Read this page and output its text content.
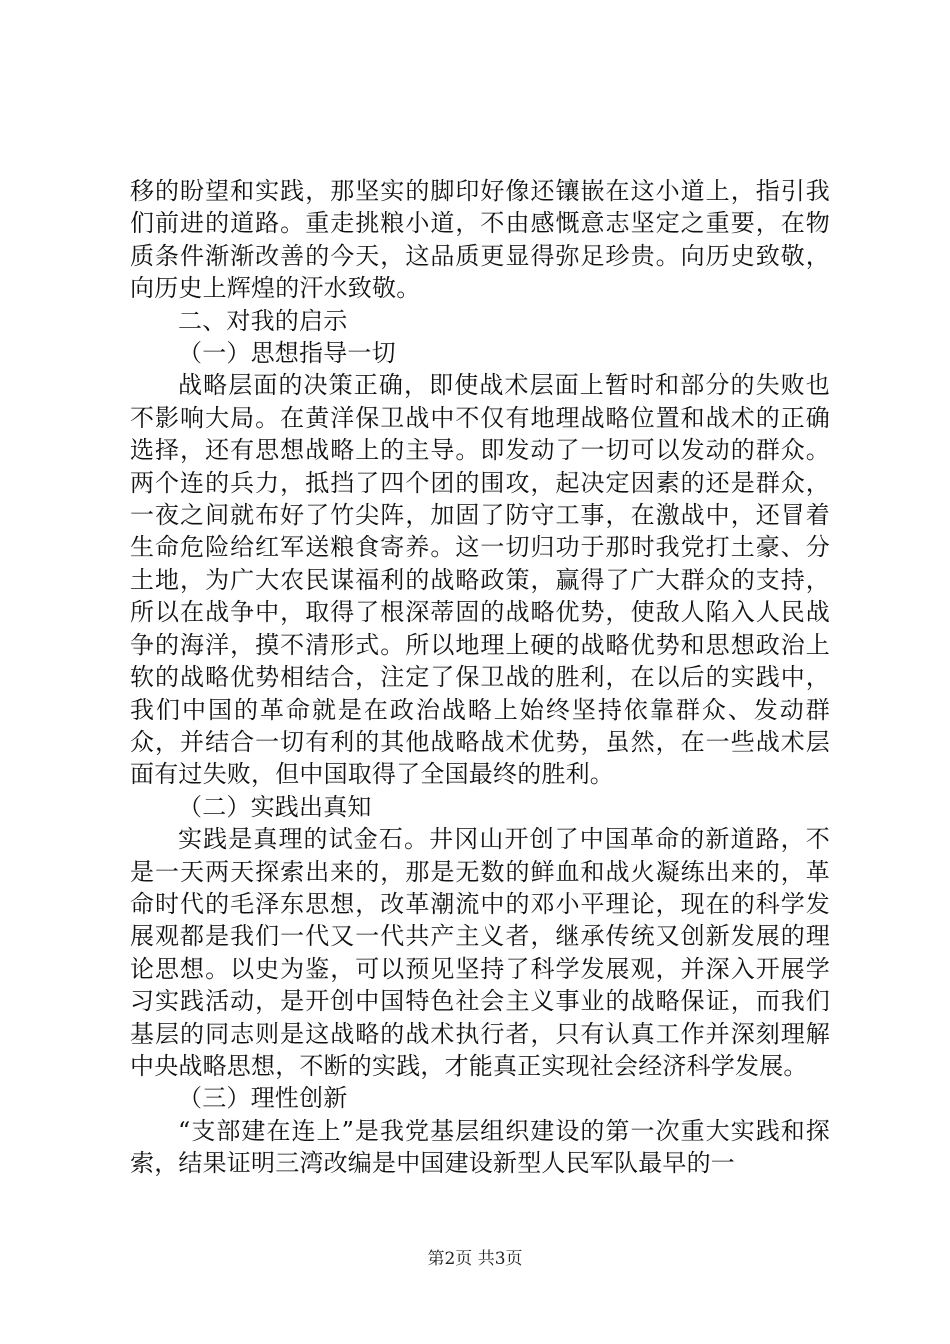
移的盼望和实践，那坚实的脚印好像还镶嵌在这小道上，指引我们前进的道路。重走挑粮小道，不由感慨意志坚定之重要，在物质条件渐渐改善的今天，这品质更显得弥足珍贵。向历史致敬，向历史上辉煌的汗水致敬。

二、对我的启示

（一）思想指导一切

战略层面的决策正确，即使战术层面上暂时和部分的失败也不影响大局。在黄洋保卫战中不仅有地理战略位置和战术的正确选择，还有思想战略上的主导。即发动了一切可以发动的群众。两个连的兵力，抵挡了四个团的围攻，起决定因素的还是群众，一夜之间就布好了竹尖阵，加固了防守工事，在激战中，还冒着生命危险给红军送粮食寄养。这一切归功于那时我党打土豪、分土地，为广大农民谋福利的战略政策，赢得了广大群众的支持，所以在战争中，取得了根深蒂固的战略优势，使敌人陷入人民战争的海洋，摸不清形式。所以地理上硬的战略优势和思想政治上软的战略优势相结合，注定了保卫战的胜利，在以后的实践中，我们中国的革命就是在政治战略上始终坚持依靠群众、发动群众，并结合一切有利的其他战略战术优势，虽然，在一些战术层面有过失败，但中国取得了全国最终的胜利。

（二）实践出真知

实践是真理的试金石。井冈山开创了中国革命的新道路，不是一天两天探索出来的，那是无数的鲜血和战火凝练出来的，革命时代的毛泽东思想，改革潮流中的邓小平理论，现在的科学发展观都是我们一代又一代共产主义者，继承传统又创新发展的理论思想。以史为鉴，可以预见坚持了科学发展观，并深入开展学习实践活动，是开创中国特色社会主义事业的战略保证，而我们基层的同志则是这战略的战术执行者，只有认真工作并深刻理解中央战略思想，不断的实践，才能真正实现社会经济科学发展。

（三）理性创新

“支部建在连上”是我党基层组织建设的第一次重大实践和探索，结果证明三湾改编是中国建设新型人民军队最早的一

第2页 共3页
